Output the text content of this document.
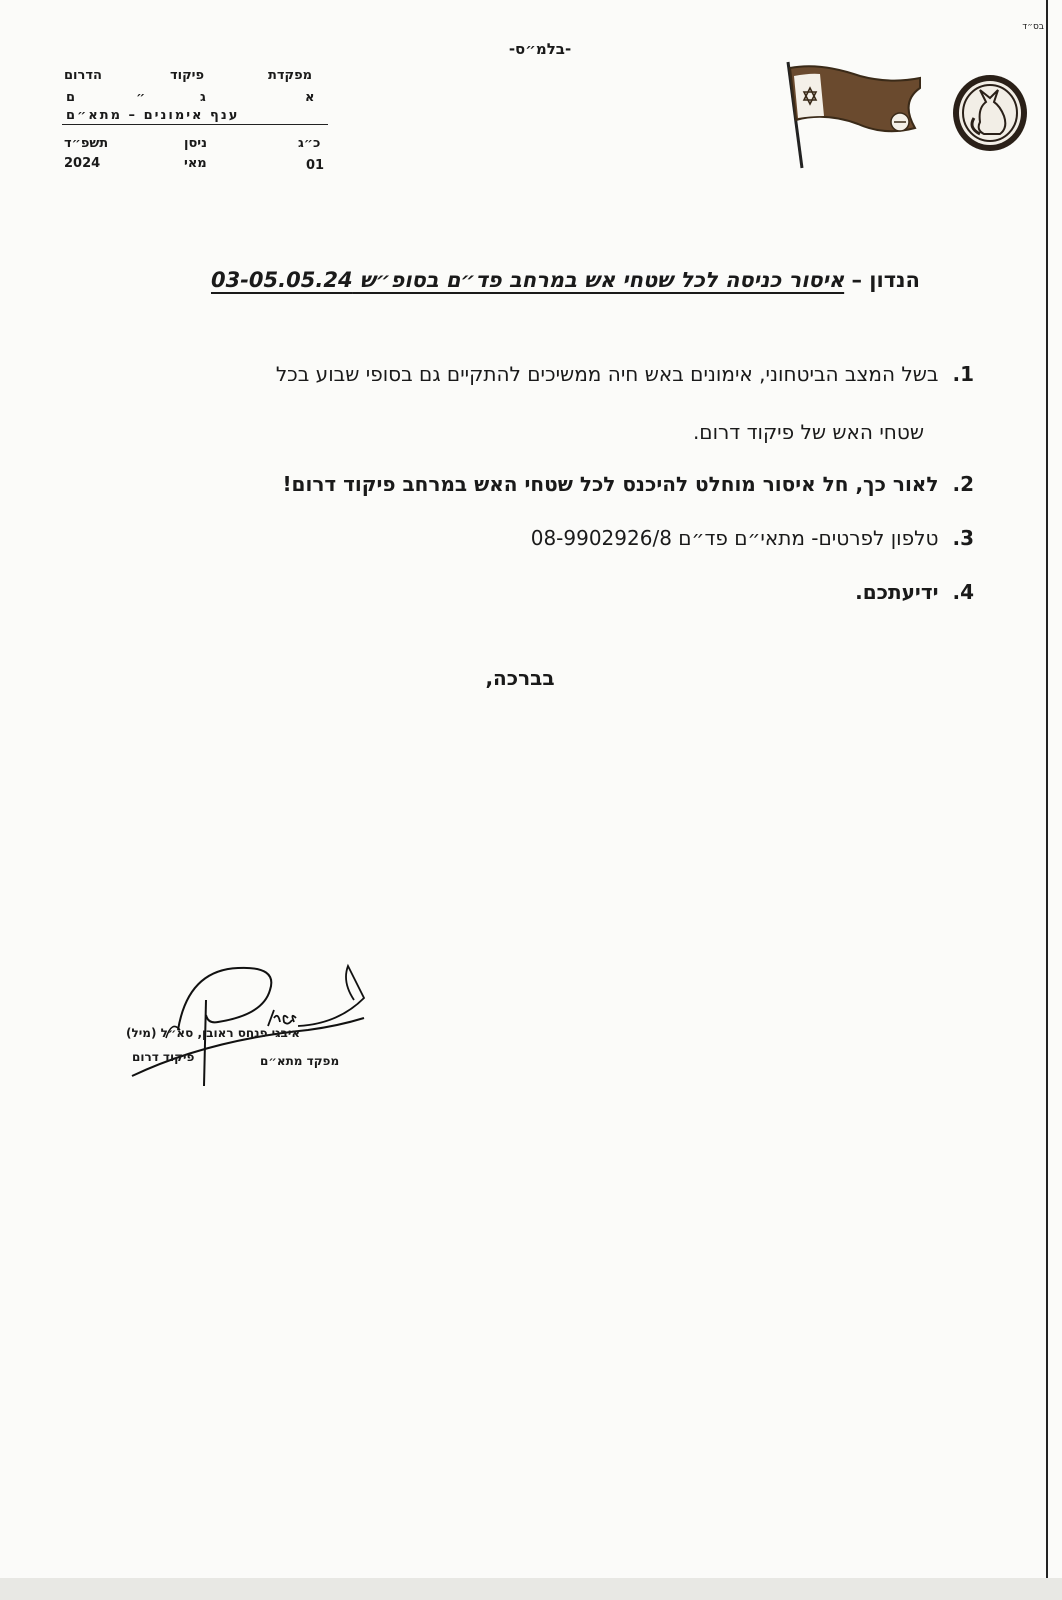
בס״ד
-בלמ״ס-
מפקדת
פיקוד
הדרום
א
ג
״
ם
ענף אימונים – מתא״ם
כ״ג
ניסן
תשפ״ד
01
מאי
2024
הנדון – איסור כניסה לכל שטחי אש במרחב פד״ם בסופ״ש 03-05.05.24
1.בשל המצב הביטחוני, אימונים באש חיה ממשיכים להתקיים גם בסופי שבוע בכל
שטחי האש של פיקוד דרום.
2.לאור כך, חל איסור מוחלט להיכנס לכל שטחי האש במרחב פיקוד דרום!
3.טלפון לפרטים- מתאי״ם פד״ם 08-9902926/8
4.ידיעתכם.
בברכה,
איבגי פנחס ראובן, סא״ל (מיל)
מפקד מתא״ם
פיקוד דרום
